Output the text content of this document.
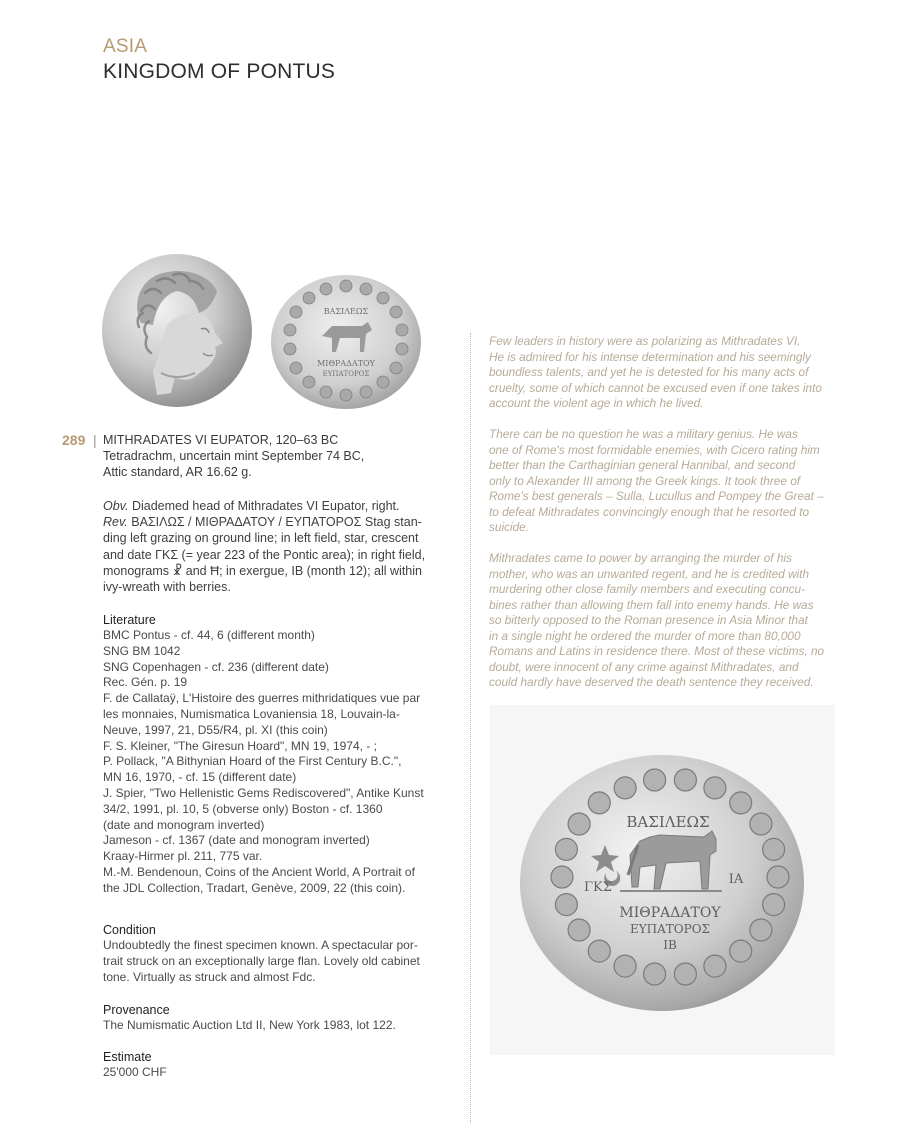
ASIA
KINGDOM OF PONTUS
ΒΑΣΙΛΕΩΣ
ΜΙΘΡΑΔΑΤΟΥ
ΕΥΠΑΤΟΡΟΣ
289 | MITHRADATES VI EUPATOR, 120–63 BC
Tetradrachm, uncertain mint September 74 BC,
Attic standard, AR 16.62 g.
Obv. Diademed head of Mithradates VI Eupator, right.
Rev. ΒΑΣΙΛΩΣ / ΜΙΘΡΑΔΑΤΟΥ / ΕΥΠΑΤΟΡΟΣ Stag stan-
ding left grazing on ground line; in left field, star, crescent
and date ΓΚΣ (= year 223 of the Pontic area); in right field,
monograms ☧ and Ħ; in exergue, IB (month 12); all within
ivy-wreath with berries.
Literature
BMC Pontus - cf. 44, 6 (different month)
SNG BM 1042
SNG Copenhagen - cf. 236 (different date)
Rec. Gén. p. 19
F. de Callataÿ, L'Histoire des guerres mithridatiques vue par
les monnaies, Numismatica Lovaniensia 18, Louvain-la-
Neuve, 1997, 21, D55/R4, pl. XI (this coin)
F. S. Kleiner, "The Giresun Hoard", MN 19, 1974, - ;
P. Pollack, "A Bithynian Hoard of the First Century B.C.",
MN 16, 1970, - cf. 15 (different date)
J. Spier, "Two Hellenistic Gems Rediscovered", Antike Kunst
34/2, 1991, pl. 10, 5 (obverse only) Boston - cf. 1360
(date and monogram inverted)
Jameson - cf. 1367 (date and monogram inverted)
Kraay-Hirmer pl. 211, 775 var.
M.-M. Bendenoun, Coins of the Ancient World, A Portrait of
the JDL Collection, Tradart, Genève, 2009, 22 (this coin).
Condition
Undoubtedly the finest specimen known. A spectacular por-
trait struck on an exceptionally large flan. Lovely old cabinet
tone. Virtually as struck and almost Fdc.
Provenance
The Numismatic Auction Ltd II, New York 1983, lot 122.
Estimate
25'000 CHF

Few leaders in history were as polarizing as Mithradates VI.
He is admired for his intense determination and his seemingly
boundless talents, and yet he is detested for his many acts of
cruelty, some of which cannot be excused even if one takes into
account the violent age in which he lived.

There can be no question he was a military genius. He was
one of Rome's most formidable enemies, with Cicero rating him
better than the Carthaginian general Hannibal, and second
only to Alexander III among the Greek kings. It took three of
Rome's best generals – Sulla, Lucullus and Pompey the Great –
to defeat Mithradates convincingly enough that he resorted to
suicide.

Mithradates came to power by arranging the murder of his
mother, who was an unwanted regent, and he is credited with
murdering other close family members and executing concu-
bines rather than allowing them fall into enemy hands. He was
so bitterly opposed to the Roman presence in Asia Minor that
in a single night he ordered the murder of more than 80,000
Romans and Latins in residence there. Most of these victims, no
doubt, were innocent of any crime against Mithradates, and
could hardly have deserved the death sentence they received.

ΒΑΣΙΛΕΩΣ
ΓΚΣ
ΙΑ
ΜΙΘΡΑΔΑΤΟΥ
ΕΥΠΑΤΟΡΟΣ
ΙΒ
